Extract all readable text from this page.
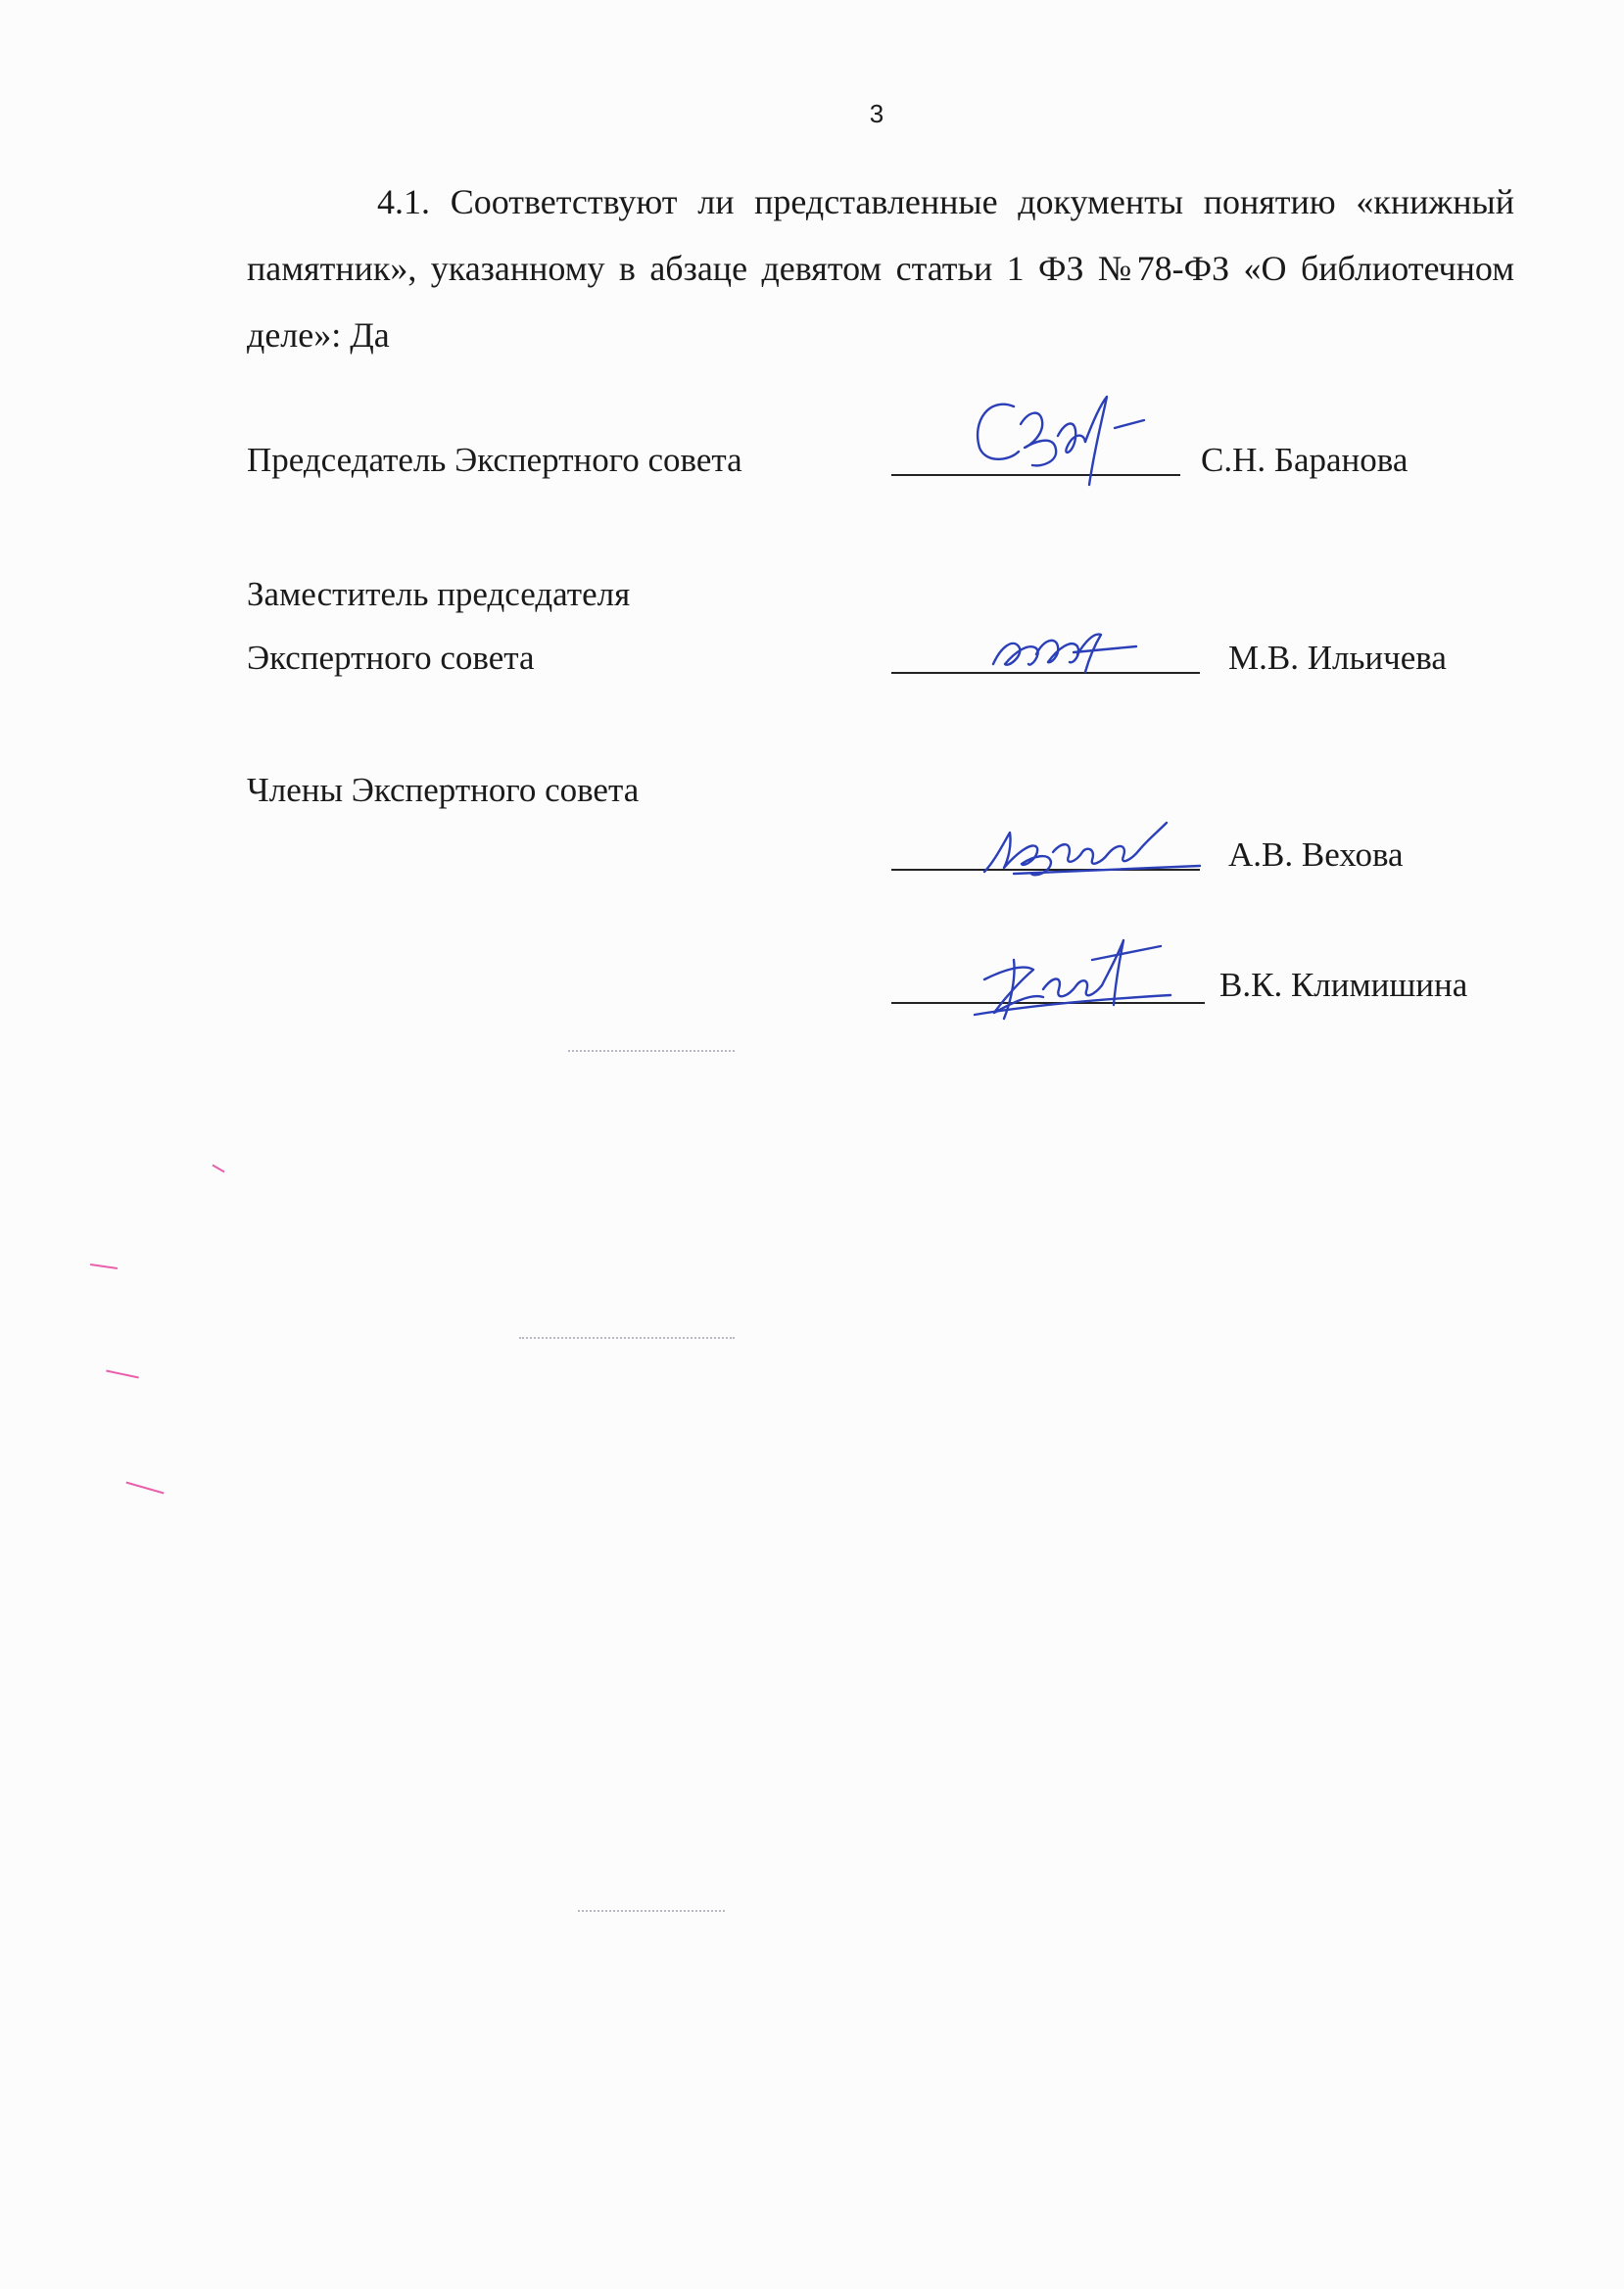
3

4.1. Соответствуют ли представленные документы понятию «книжный памятник», указанному в абзаце девятом статьи 1 ФЗ №78-ФЗ «О библиотечном деле»: Да

Председатель Экспертного совета	С.Н. Баранова
Заместитель председателя
Экспертного совета	М.В. Ильичева
Члены Экспертного совета
А.В. Вехова
В.К. Климишина
